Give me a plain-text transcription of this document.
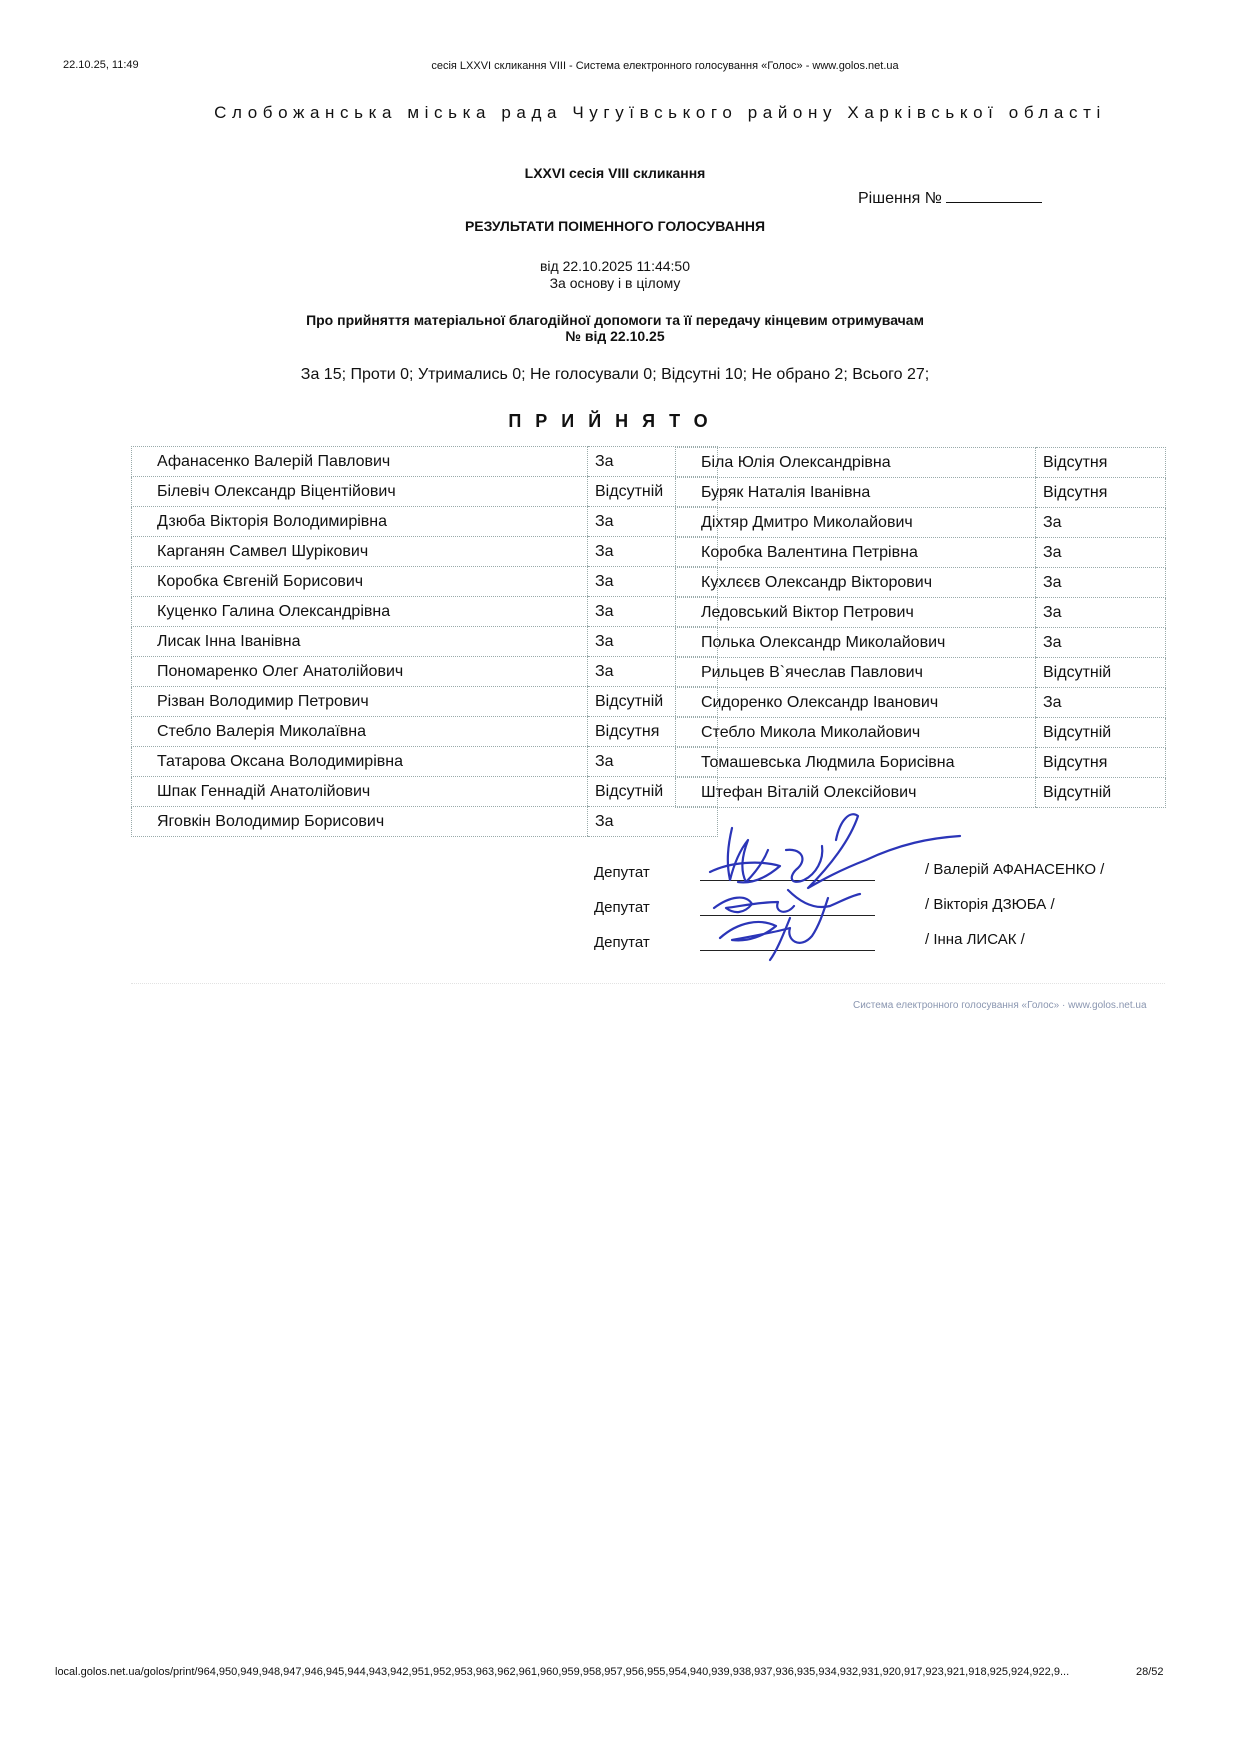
22.10.25, 11:49	сесія LXXVI скликання VIII - Система електронного голосування «Голос» - www.golos.net.ua
Слобожанська міська рада Чугуївського району Харківської області
LXXVI сесія VIII скликання
Рішення №
РЕЗУЛЬТАТИ ПОІМЕННОГО ГОЛОСУВАННЯ
від 22.10.2025 11:44:50
За основу і в цілому
Про прийняття матеріальної благодійної допомоги та її передачу кінцевим отримувачам
№ від 22.10.25
За 15; Проти 0; Утримались 0; Не голосували 0; Відсутні 10; Не обрано 2; Всього 27;
ПРИЙНЯТО
Афанасенко Валерій Павлович	За
Білевіч Олександр Віцентійович	Відсутній
Дзюба Вікторія Володимирівна	За
Карганян Самвел Шурікович	За
Коробка Євгеній Борисович	За
Куценко Галина Олександрівна	За
Лисак Інна Іванівна	За
Пономаренко Олег Анатолійович	За
Різван Володимир Петрович	Відсутній
Стебло Валерія Миколаївна	Відсутня
Татарова Оксана Володимирівна	За
Шпак Геннадій Анатолійович	Відсутній
Яговкін Володимир Борисович	За
Біла Юлія Олександрівна	Відсутня
Буряк Наталія Іванівна	Відсутня
Діхтяр Дмитро Миколайович	За
Коробка Валентина Петрівна	За
Кухлєєв Олександр Вікторович	За
Ледовський Віктор Петрович	За
Полька Олександр Миколайович	За
Рильцев В`ячеслав Павлович	Відсутній
Сидоренко Олександр Іванович	За
Стебло Микола Миколайович	Відсутній
Томашевська Людмила Борисівна	Відсутня
Штефан Віталій Олексійович	Відсутній
Депутат	/ Валерій АФАНАСЕНКО /
Депутат	/ Вікторія ДЗЮБА /
Депутат	/ Інна ЛИСАК /
Система електронного голосування «Голос» · www.golos.net.ua
local.golos.net.ua/golos/print/964,950,949,948,947,946,945,944,943,942,951,952,953,963,962,961,960,959,958,957,956,955,954,940,939,938,937,936,935,934,932,931,920,917,923,921,918,925,924,922,9...	28/52
